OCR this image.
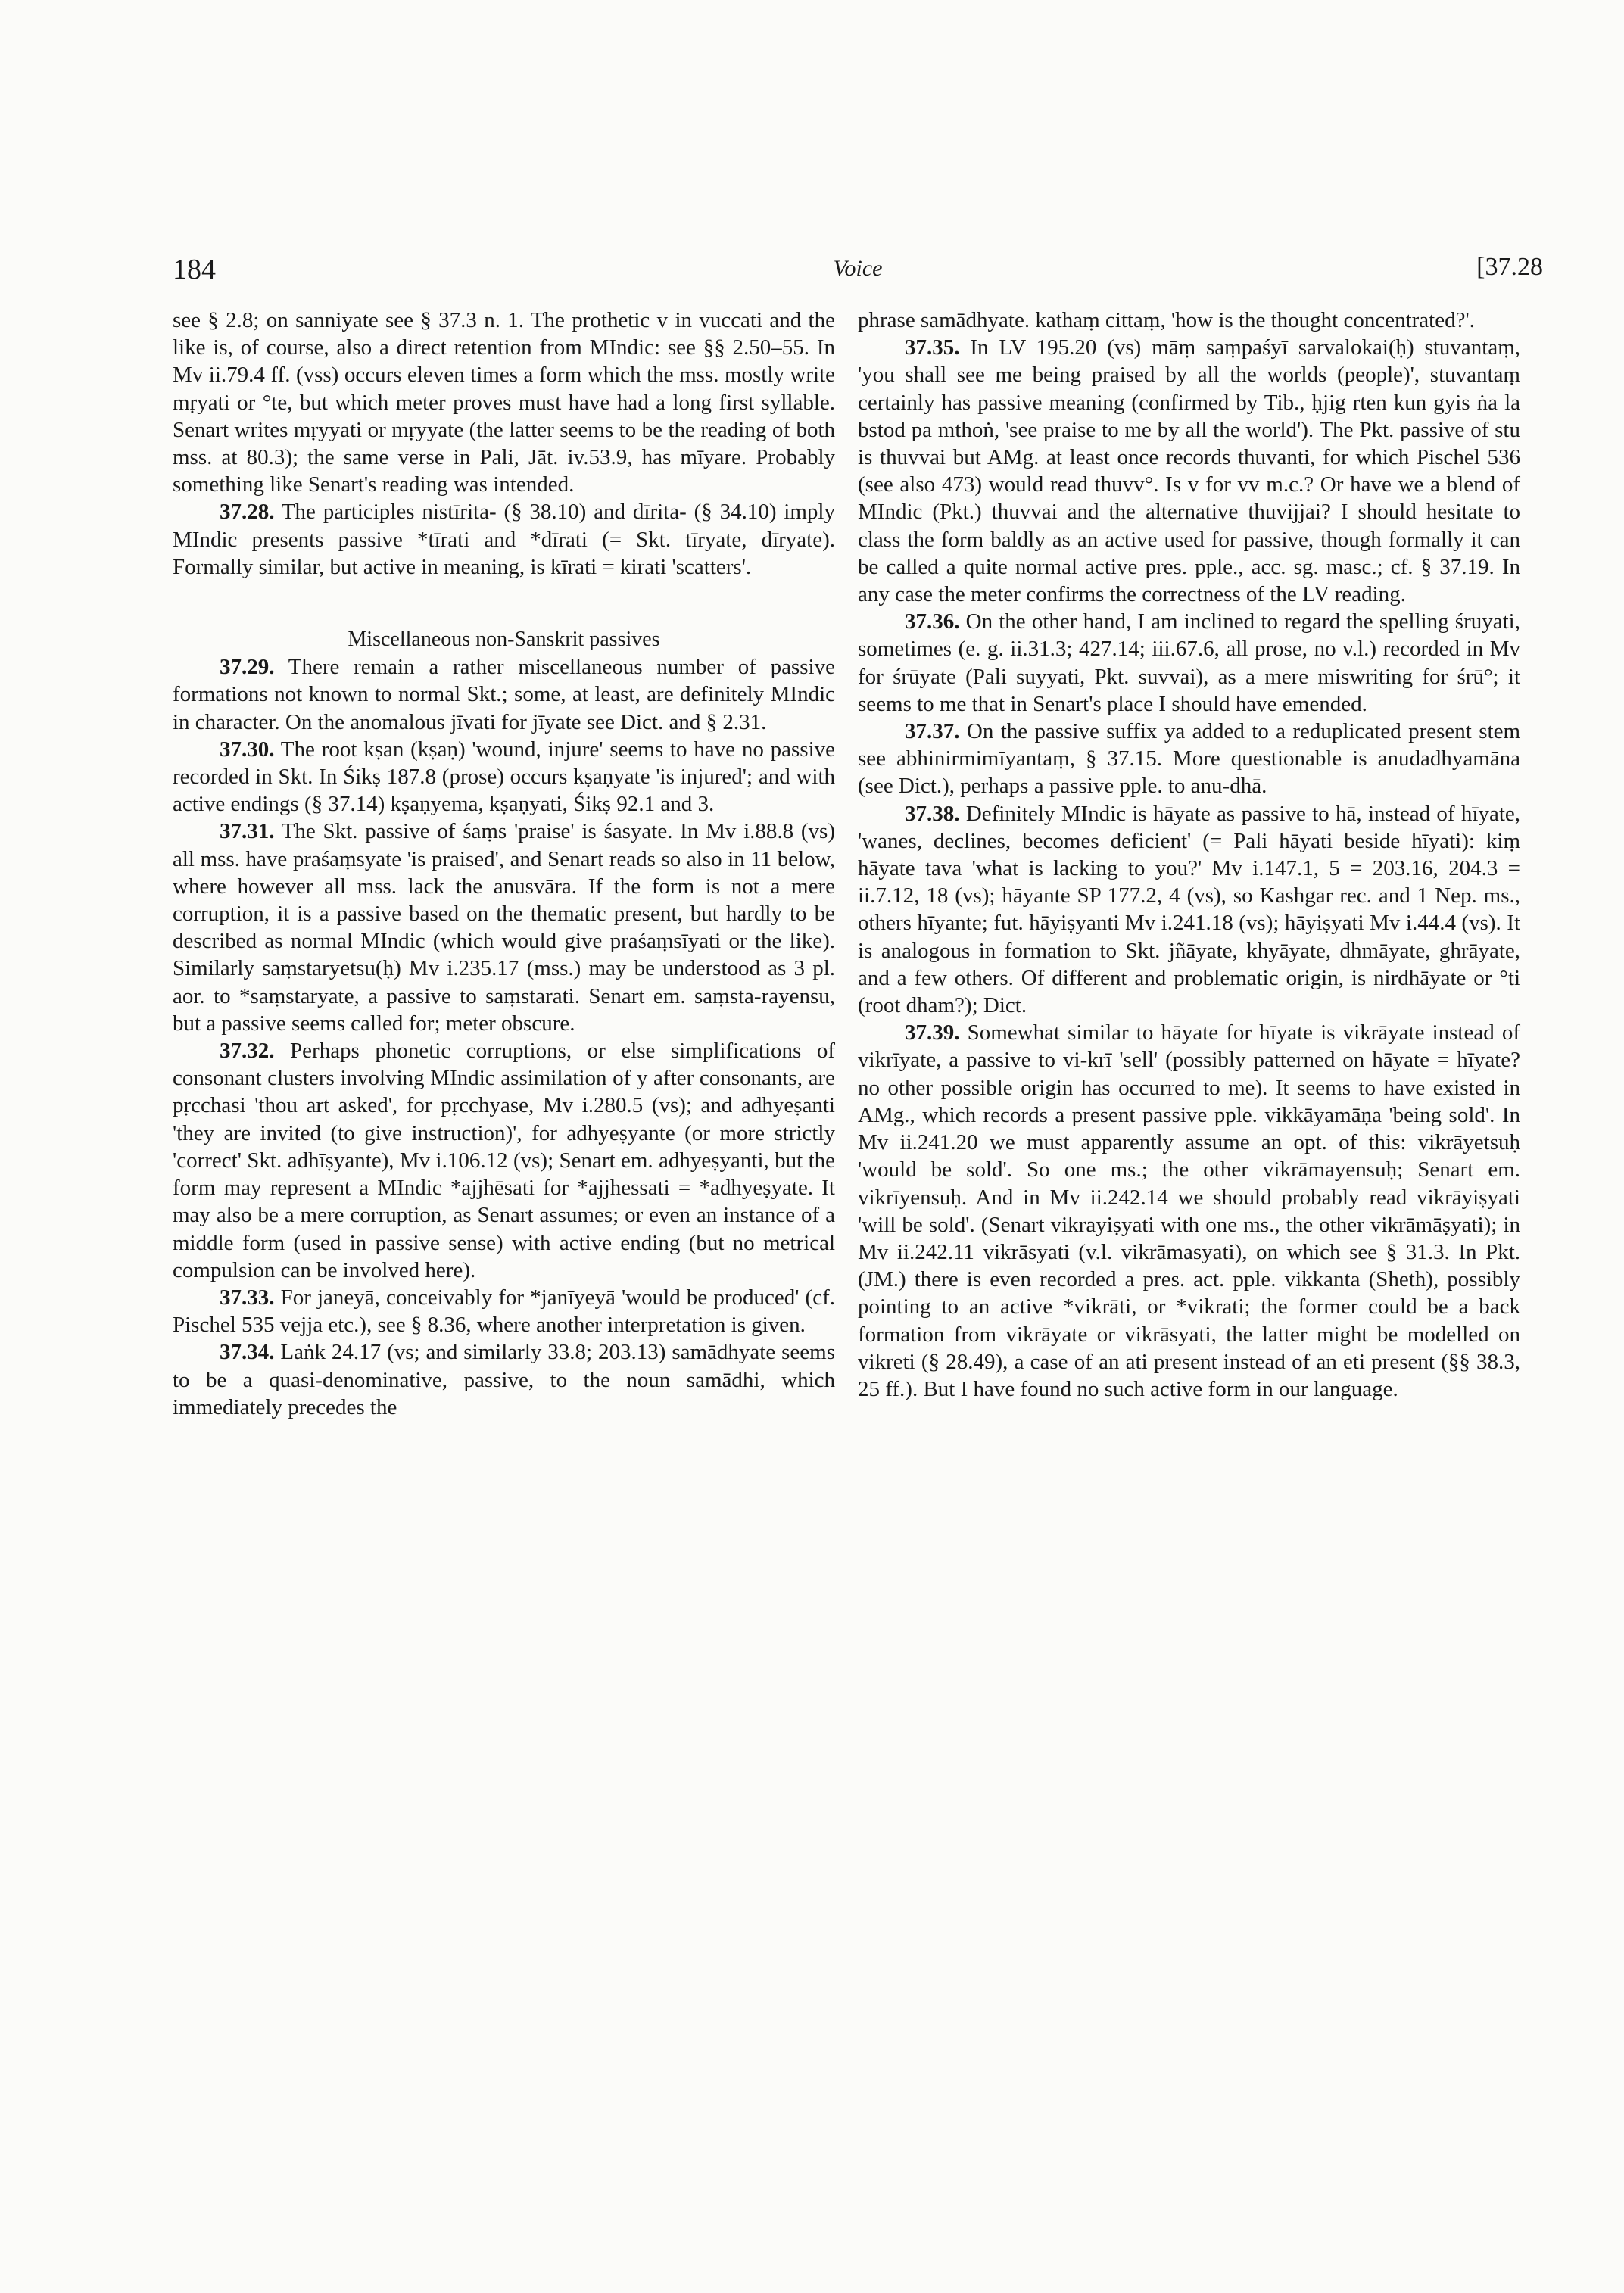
184	Voice	[37.28

see § 2.8; on sanniyate see § 37.3 n. 1. The prothetic v in vuccati and the like is, of course, also a direct retention from MIndic: see §§ 2.50–55. In Mv ii.79.4 ff. (vss) occurs eleven times a form which the mss. mostly write mṛyati or °te, but which meter proves must have had a long first syllable. Senart writes mṛyyati or mṛyyate (the latter seems to be the reading of both mss. at 80.3); the same verse in Pali, Jāt. iv.53.9, has mīyare. Probably something like Senart's reading was intended.

37.28. The participles nistīrita- (§ 38.10) and dīrita- (§ 34.10) imply MIndic presents passive *tīrati and *dīrati (= Skt. tīryate, dīryate). Formally similar, but active in meaning, is kīrati = kirati 'scatters'.

Miscellaneous non-Sanskrit passives

37.29. There remain a rather miscellaneous number of passive formations not known to normal Skt.; some, at least, are definitely MIndic in character. On the anomalous jīvati for jīyate see Dict. and § 2.31.

37.30. The root kṣan (kṣaṇ) 'wound, injure' seems to have no passive recorded in Skt. In Śikṣ 187.8 (prose) occurs kṣaṇyate 'is injured'; and with active endings (§ 37.14) kṣaṇyema, kṣaṇyati, Śikṣ 92.1 and 3.

37.31. The Skt. passive of śaṃs 'praise' is śasyate. In Mv i.88.8 (vs) all mss. have praśaṃsyate 'is praised', and Senart reads so also in 11 below, where however all mss. lack the anusvāra. If the form is not a mere corruption, it is a passive based on the thematic present, but hardly to be described as normal MIndic (which would give praśaṃsīyati or the like). Similarly saṃstaryetsu(ḥ) Mv i.235.17 (mss.) may be understood as 3 pl. aor. to *saṃstaryate, a passive to saṃstarati. Senart em. saṃsta-rayensu, but a passive seems called for; meter obscure.

37.32. Perhaps phonetic corruptions, or else simplifications of consonant clusters involving MIndic assimilation of y after consonants, are pṛcchasi 'thou art asked', for pṛcchyase, Mv i.280.5 (vs); and adhyeṣanti 'they are invited (to give instruction)', for adhyeṣyante (or more strictly 'correct' Skt. adhīṣyante), Mv i.106.12 (vs); Senart em. adhyeṣyanti, but the form may represent a MIndic *ajjhēsati for *ajjhessati = *adhyeṣyate. It may also be a mere corruption, as Senart assumes; or even an instance of a middle form (used in passive sense) with active ending (but no metrical compulsion can be involved here).

37.33. For janeyā, conceivably for *janīyeyā 'would be produced' (cf. Pischel 535 vejja etc.), see § 8.36, where another interpretation is given.

37.34. Laṅk 24.17 (vs; and similarly 33.8; 203.13) samādhyate seems to be a quasi-denominative, passive, to the noun samādhi, which immediately precedes the

phrase samādhyate. kathaṃ cittaṃ, 'how is the thought concentrated?'.

37.35. In LV 195.20 (vs) māṃ saṃpaśyī sarvalokai(ḥ) stuvantaṃ, 'you shall see me being praised by all the worlds (people)', stuvantaṃ certainly has passive meaning (confirmed by Tib., ḥjig rten kun gyis ṅa la bstod pa mthoṅ, 'see praise to me by all the world'). The Pkt. passive of stu is thuvvai but AMg. at least once records thuvanti, for which Pischel 536 (see also 473) would read thuvv°. Is v for vv m.c.? Or have we a blend of MIndic (Pkt.) thuvvai and the alternative thuvijjai? I should hesitate to class the form baldly as an active used for passive, though formally it can be called a quite normal active pres. pple., acc. sg. masc.; cf. § 37.19. In any case the meter confirms the correctness of the LV reading.

37.36. On the other hand, I am inclined to regard the spelling śruyati, sometimes (e. g. ii.31.3; 427.14; iii.67.6, all prose, no v.l.) recorded in Mv for śrūyate (Pali suyyati, Pkt. suvvai), as a mere miswriting for śrū°; it seems to me that in Senart's place I should have emended.

37.37. On the passive suffix ya added to a reduplicated present stem see abhinirmimīyantaṃ, § 37.15. More questionable is anudadhyamāna (see Dict.), perhaps a passive pple. to anu-dhā.

37.38. Definitely MIndic is hāyate as passive to hā, instead of hīyate, 'wanes, declines, becomes deficient' (= Pali hāyati beside hīyati): kiṃ hāyate tava 'what is lacking to you?' Mv i.147.1, 5 = 203.16, 204.3 = ii.7.12, 18 (vs); hāyante SP 177.2, 4 (vs), so Kashgar rec. and 1 Nep. ms., others hīyante; fut. hāyiṣyanti Mv i.241.18 (vs); hāyiṣyati Mv i.44.4 (vs). It is analogous in formation to Skt. jñāyate, khyāyate, dhmāyate, ghrāyate, and a few others. Of different and problematic origin, is nirdhāyate or °ti (root dham?); Dict.

37.39. Somewhat similar to hāyate for hīyate is vikrāyate instead of vikrīyate, a passive to vi-krī 'sell' (possibly patterned on hāyate = hīyate? no other possible origin has occurred to me). It seems to have existed in AMg., which records a present passive pple. vikkāyamāṇa 'being sold'. In Mv ii.241.20 we must apparently assume an opt. of this: vikrāyetsuḥ 'would be sold'. So one ms.; the other vikrāmayensuḥ; Senart em. vikrīyensuḥ. And in Mv ii.242.14 we should probably read vikrāyiṣyati 'will be sold'. (Senart vikrayiṣyati with one ms., the other vikrāmāṣyati); in Mv ii.242.11 vikrāsyati (v.l. vikrāmasyati), on which see § 31.3. In Pkt. (JM.) there is even recorded a pres. act. pple. vikkanta (Sheth), possibly pointing to an active *vikrāti, or *vikrati; the former could be a back formation from vikrāyate or vikrāsyati, the latter might be modelled on vikreti (§ 28.49), a case of an ati present instead of an eti present (§§ 38.3, 25 ff.). But I have found no such active form in our language.
